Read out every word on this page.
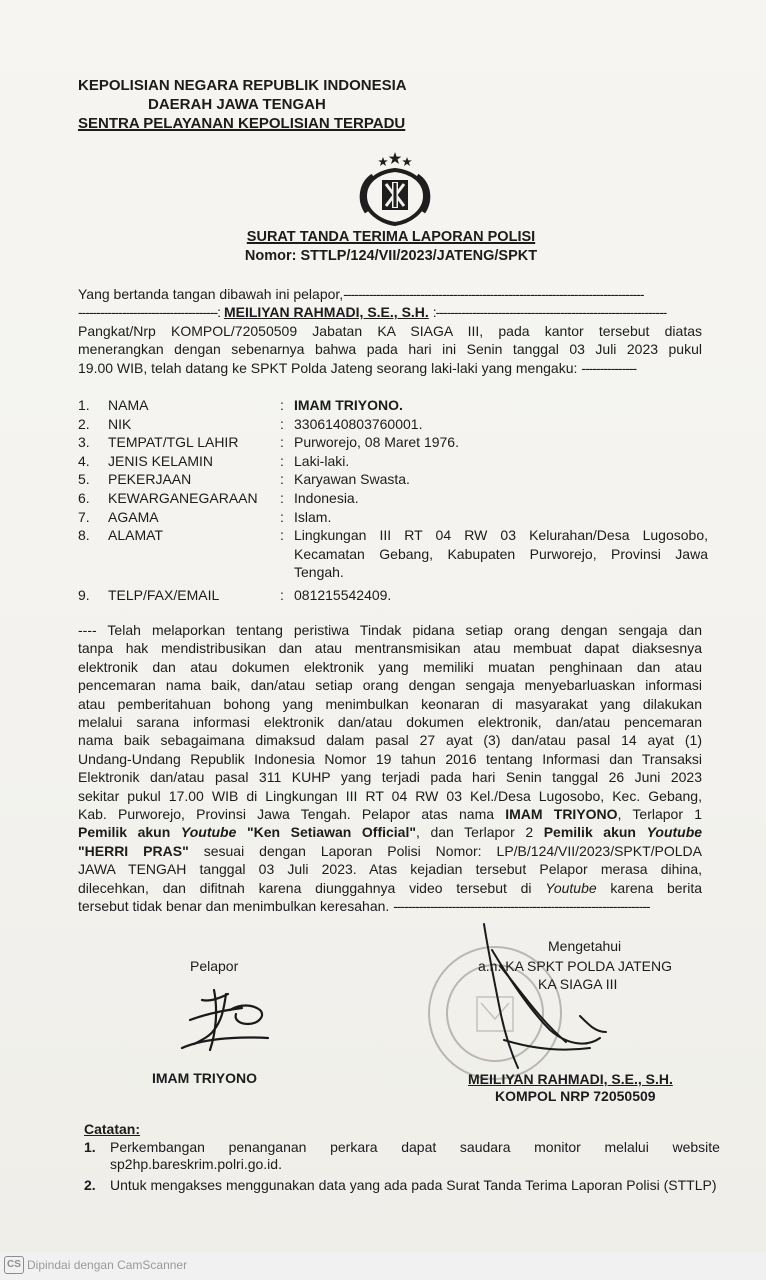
KEPOLISIAN NEGARA REPUBLIK INDONESIA
DAERAH JAWA TENGAH
SENTRA PELAYANAN KEPOLISIAN TERPADU
SURAT TANDA TERIMA LAPORAN POLISI
Nomor: STTLP/124/VII/2023/JATENG/SPKT
Yang bertanda tangan dibawah ini pelapor,----------------------------------------------------------------------------------
--------------------------------------: MEILIYAN RAHMADI, S.E., S.H. :---------------------------------------------------------------
Pangkat/Nrp KOMPOL/72050509 Jabatan KA SIAGA III, pada kantor tersebut diatas
menerangkan dengan sebenarnya bahwa pada hari ini Senin tanggal 03 Juli 2023 pukul
19.00 WIB, telah datang ke SPKT Polda Jateng seorang laki-laki yang mengaku: ---------------
1.	NAMA	: IMAM TRIYONO.
2.	NIK	: 3306140803760001.
3.	TEMPAT/TGL LAHIR	: Purworejo, 08 Maret 1976.
4.	JENIS KELAMIN	: Laki-laki.
5.	PEKERJAAN	: Karyawan Swasta.
6.	KEWARGANEGARAAN	: Indonesia.
7.	AGAMA	: Islam.
8.	ALAMAT	: Lingkungan III RT 04 RW 03 Kelurahan/Desa Lugosobo,
Kecamatan Gebang, Kabupaten Purworejo, Provinsi Jawa
Tengah.
9.	TELP/FAX/EMAIL	: 081215542409.
---- Telah melaporkan tentang peristiwa Tindak pidana setiap orang dengan sengaja dan
tanpa hak mendistribusikan dan atau mentransmisikan atau membuat dapat diaksesnya
elektronik dan atau dokumen elektronik yang memiliki muatan penghinaan dan atau
pencemaran nama baik, dan/atau setiap orang dengan sengaja menyebarluaskan informasi
atau pemberitahuan bohong yang menimbulkan keonaran di masyarakat yang dilakukan
melalui sarana informasi elektronik dan/atau dokumen elektronik, dan/atau pencemaran
nama baik sebagaimana dimaksud dalam pasal 27 ayat (3) dan/atau pasal 14 ayat (1)
Undang-Undang Republik Indonesia Nomor 19 tahun 2016 tentang Informasi dan Transaksi
Elektronik dan/atau pasal 311 KUHP yang terjadi pada hari Senin tanggal 26 Juni 2023
sekitar pukul 17.00 WIB di Lingkungan III RT 04 RW 03 Kel./Desa Lugosobo, Kec. Gebang,
Kab. Purworejo, Provinsi Jawa Tengah. Pelapor atas nama IMAM TRIYONO, Terlapor 1
Pemilik akun Youtube "Ken Setiawan Official", dan Terlapor 2 Pemilik akun Youtube
"HERRI PRAS" sesuai dengan Laporan Polisi Nomor: LP/B/124/VII/2023/SPKT/POLDA
JAWA TENGAH tanggal 03 Juli 2023. Atas kejadian tersebut Pelapor merasa dihina,
dilecehkan, dan difitnah karena diunggahnya video tersebut di Youtube karena berita
tersebut tidak benar dan menimbulkan keresahan. ----------------------------------------------------------------------
Pelapor
IMAM TRIYONO
Mengetahui
a.n. KA SPKT POLDA JATENG
KA SIAGA III
MEILIYAN RAHMADI, S.E., S.H.
KOMPOL NRP 72050509
Catatan:
1.	Perkembangan penanganan perkara dapat saudara monitor melalui website
sp2hp.bareskrim.polri.go.id.
2.	Untuk mengakses menggunakan data yang ada pada Surat Tanda Terima Laporan Polisi (STTLP)
CS Dipindai dengan CamScanner
